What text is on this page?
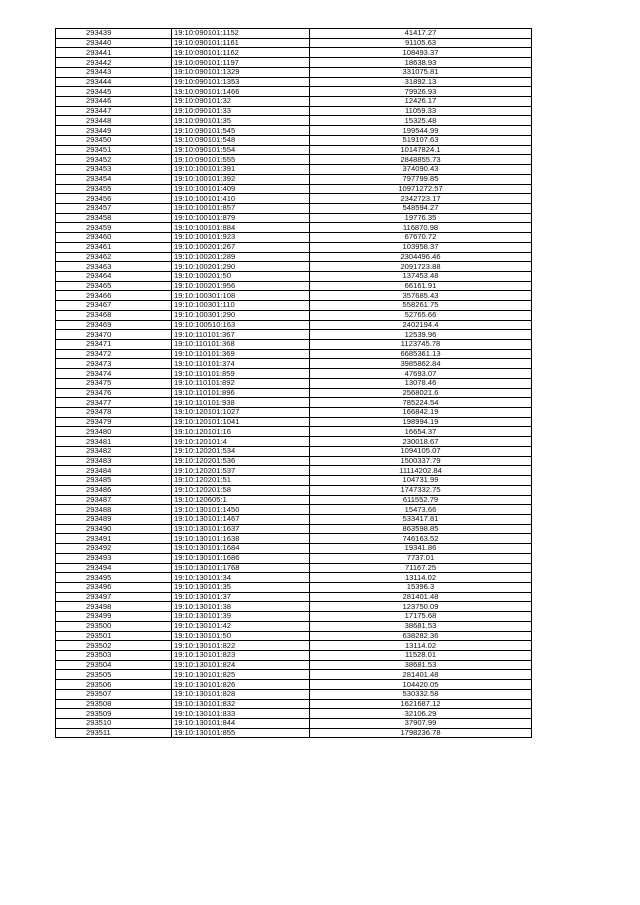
293439	19:10:090101:1152	41417.27
293440	19:10:090101:1161	91105.63
293441	19:10:090101:1162	108493.37
293442	19:10:090101:1197	18638.93
293443	19:10:090101:1329	331075.81
293444	19:10:090101:1353	31892.13
293445	19:10:090101:1466	79926.93
293446	19:10:090101:32	12426.17
293447	19:10:090101:33	11059.33
293448	19:10:090101:35	15325.48
293449	19:10:090101:545	199544.99
293450	19:10:090101:548	519107.63
293451	19:10:090101:554	10147824.1
293452	19:10:090101:555	2848855.73
293453	19:10:100101:391	374090.43
293454	19:10:100101:392	797799.85
293455	19:10:100101:409	10971272.57
293456	19:10:100101:410	2342723.17
293457	19:10:100101:857	548594.27
293458	19:10:100101:879	19776.35
293459	19:10:100101:884	116870.98
293460	19:10:100101:923	67670.72
293461	19:10:100201:267	103958.37
293462	19:10:100201:289	2304496.46
293463	19:10:100201:290	2091723.88
293464	19:10:100201:50	137453.48
293465	19:10:100201:956	66161.91
293466	19:10:100301:108	357685.43
293467	19:10:100301:110	558261.75
293468	19:10:100301:290	52765.66
293469	19:10:100510:163	2402194.4
293470	19:10:110101:367	12539.96
293471	19:10:110101:368	1123745.78
293472	19:10:110101:369	6685361.13
293473	19:10:110101:374	3985862.84
293474	19:10:110101:859	47693.07
293475	19:10:110101:892	13078.46
293476	19:10:110101:896	2568021.6
293477	19:10:110101:938	785224.54
293478	19:10:120101:1027	166842.19
293479	19:10:120101:1041	198994.19
293480	19:10:120101:16	16654.37
293481	19:10:120101:4	230018.67
293482	19:10:120201:534	1094105.07
293483	19:10:120201:536	1500337.79
293484	19:10:120201:537	11114202.84
293485	19:10:120201:51	104731.99
293486	19:10:120201:58	1747332.75
293487	19:10:120605:1	611552.79
293488	19:10:130101:1450	15473.66
293489	19:10:130101:1467	533417.81
293490	19:10:130101:1637	863598.85
293491	19:10:130101:1638	746163.52
293492	19:10:130101:1684	19341.86
293493	19:10:130101:1686	7737.01
293494	19:10:130101:1768	71167.25
293495	19:10:130101:34	13114.02
293496	19:10:130101:35	15396.3
293497	19:10:130101:37	281401.48
293498	19:10:130101:38	123750.09
293499	19:10:130101:39	17175.68
293500	19:10:130101:42	38681.53
293501	19:10:130101:50	638282.36
293502	19:10:130101:822	13114.02
293503	19:10:130101:823	11528.01
293504	19:10:130101:824	38681.53
293505	19:10:130101:825	281401.48
293506	19:10:130101:826	104420.05
293507	19:10:130101:828	530332.58
293508	19:10:130101:832	1621687.12
293509	19:10:130101:833	32106.29
293510	19:10:130101:844	37907.99
293511	19:10:130101:855	1798236.78
